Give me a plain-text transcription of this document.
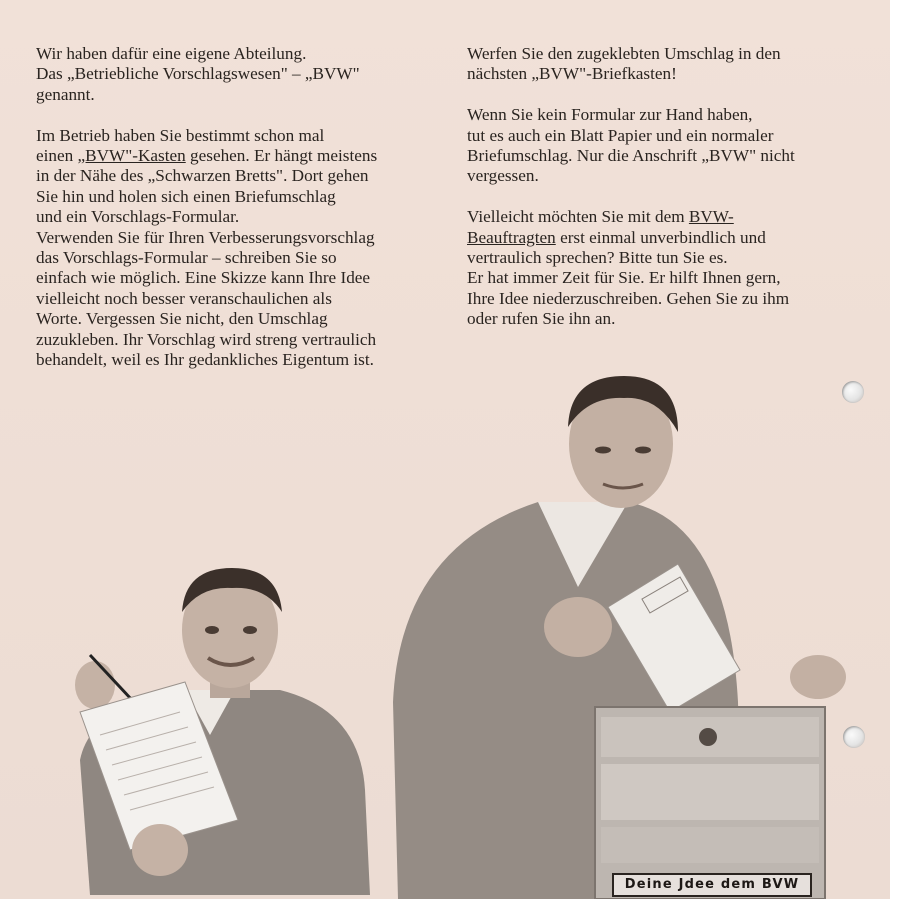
Wir haben dafür eine eigene Abteilung.
Das „Betriebliche Vorschlagswesen" – „BVW"
genannt.

Im Betrieb haben Sie bestimmt schon mal
einen „BVW"-Kasten gesehen. Er hängt meistens
in der Nähe des „Schwarzen Bretts". Dort gehen
Sie hin und holen sich einen Briefumschlag
und ein Vorschlags-Formular.
Verwenden Sie für Ihren Verbesserungsvorschlag
das Vorschlags-Formular – schreiben Sie so
einfach wie möglich. Eine Skizze kann Ihre Idee
vielleicht noch besser veranschaulichen als
Worte. Vergessen Sie nicht, den Umschlag
zuzukleben. Ihr Vorschlag wird streng vertraulich
behandelt, weil es Ihr gedankliches Eigentum ist.

Werfen Sie den zugeklebten Umschlag in den
nächsten „BVW"-Briefkasten!

Wenn Sie kein Formular zur Hand haben,
tut es auch ein Blatt Papier und ein normaler
Briefumschlag. Nur die Anschrift „BVW" nicht
vergessen.

Vielleicht möchten Sie mit dem BVW-
Beauftragten erst einmal unverbindlich und
vertraulich sprechen? Bitte tun Sie es.
Er hat immer Zeit für Sie. Er hilft Ihnen gern,
Ihre Idee niederzuschreiben. Gehen Sie zu ihm
oder rufen Sie ihn an.

Deine Jdee dem BVW
